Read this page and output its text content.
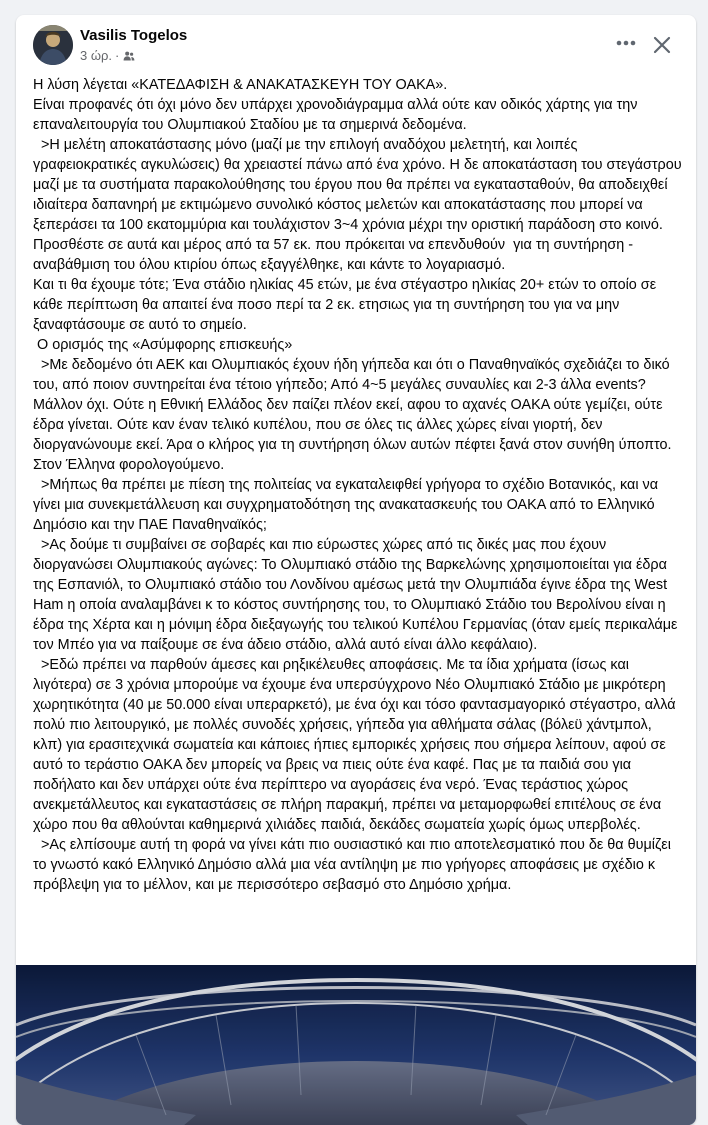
Vasilis Togelos
3 ώρ. ·

Η λύση λέγεται «ΚΑΤΕΔΑΦΙΣΗ & ΑΝΑΚΑΤΑΣΚΕΥΗ ΤΟΥ ΟΑΚΑ».

Είναι προφανές ότι όχι μόνο δεν υπάρχει χρονοδιάγραμμα αλλά ούτε καν οδικός χάρτης για την επαναλειτουργία του Ολυμπιακού Σταδίου με τα σημερινά δεδομένα.

>Η μελέτη αποκατάστασης μόνο (μαζί με την επιλογή αναδόχου μελετητή, και λοιπές γραφειοκρατικές αγκυλώσεις) θα χρειαστεί πάνω από ένα χρόνο. Η δε αποκατάσταση του στεγάστρου μαζί με τα συστήματα παρακολούθησης του έργου που θα πρέπει να εγκατασταθούν, θα αποδειχθεί ιδιαίτερα δαπανηρή με εκτιμώμενο συνολικό κόστος μελετών και αποκατάστασης που μπορεί να ξεπεράσει τα 100 εκατομμύρια και τουλάχιστον 3~4 χρόνια μέχρι την οριστική παράδοση στο κοινό. Προσθέστε σε αυτά και μέρος από τα 57 εκ. που πρόκειται να επενδυθούν  για τη συντήρηση - αναβάθμιση του όλου κτιρίου όπως εξαγγέλθηκε, και κάντε το λογαριασμό.

Και τι θα έχουμε τότε; Ένα στάδιο ηλικίας 45 ετών, με ένα στέγαστρο ηλικίας 20+ ετών το οποίο σε κάθε περίπτωση θα απαιτεί ένα ποσο περί τα 2 εκ. ετησιως για τη συντήρηση του για να μην ξαναφτάσουμε σε αυτό το σημείο.

Ο ορισμός της «Ασύμφορης επισκευής»

>Με δεδομένο ότι ΑΕΚ και Ολυμπιακός έχουν ήδη γήπεδα και ότι ο Παναθηναϊκός σχεδιάζει το δικό του, από ποιον συντηρείται ένα τέτοιο γήπεδο; Από 4~5 μεγάλες συναυλίες και 2-3 άλλα events? Μάλλον όχι. Ούτε η Εθνική Ελλάδος δεν παίζει πλέον εκεί, αφου το αχανές ΟΑΚΑ ούτε γεμίζει, ούτε έδρα γίνεται. Ούτε καν έναν τελικό κυπέλου, που σε όλες τις άλλες χώρες είναι γιορτή, δεν διοργανώνουμε εκεί. Άρα ο κλήρος για τη συντήρηση όλων αυτών πέφτει ξανά στον συνήθη ύποπτο. Στον Έλληνα φορολογούμενο.

>Μήπως θα πρέπει με πίεση της πολιτείας να εγκαταλειφθεί γρήγορα το σχέδιο Βοτανικός, και να γίνει μια συνεκμετάλλευση και συγχρηματοδότηση της ανακατασκευής του ΟΑΚΑ από το Ελληνικό Δημόσιο και την ΠΑΕ Παναθηναϊκός;

>Ας δούμε τι συμβαίνει σε σοβαρές και πιο εύρωστες χώρες από τις δικές μας που έχουν διοργανώσει Ολυμπιακούς αγώνες: Το Ολυμπιακό στάδιο της Βαρκελώνης χρησιμοποιείται για έδρα της Εσπανιόλ, το Ολυμπιακό στάδιο του Λονδίνου αμέσως μετά την Ολυμπιάδα έγινε έδρα της West Ham η οποία αναλαμβάνει κ το κόστος συντήρησης του, το Ολυμπιακό Στάδιο του Βερολίνου είναι η έδρα της Χέρτα και η μόνιμη έδρα διεξαγωγής του τελικού Κυπέλου Γερμανίας (όταν εμείς περικαλάμε τον Μπέο για να παίξουμε σε ένα άδειο στάδιο, αλλά αυτό είναι άλλο κεφάλαιο).

>Εδώ πρέπει να παρθούν άμεσες και ρηξικέλευθες αποφάσεις. Με τα ίδια χρήματα (ίσως και λιγότερα) σε 3 χρόνια μπορούμε να έχουμε ένα υπερσύγχρονο Νέο Ολυμπιακό Στάδιο με μικρότερη χωρητικότητα (40 με 50.000 είναι υπεραρκετό), με ένα όχι και τόσο φαντασμαγορικό στέγαστρο, αλλά πολύ πιο λειτουργικό, με πολλές συνοδές χρήσεις, γήπεδα για αθλήματα σάλας (βόλεϋ χάντμπολ, κλπ) για ερασιτεχνικά σωματεία και κάποιες ήπιες εμπορικές χρήσεις που σήμερα λείπουν, αφού σε αυτό το τεράστιο ΟΑΚΑ δεν μπορείς να βρεις να πιεις ούτε ένα καφέ. Πας με τα παιδιά σου για ποδήλατο και δεν υπάρχει ούτε ένα περίπτερο να αγοράσεις ένα νερό. Ένας τεράστιος χώρος ανεκμετάλλευτος και εγκαταστάσεις σε πλήρη παρακμή, πρέπει να μεταμορφωθεί επιτέλους σε ένα χώρο που θα αθλούνται καθημερινά χιλιάδες παιδιά, δεκάδες σωματεία χωρίς όμως υπερβολές.

>Ας ελπίσουμε αυτή τη φορά να γίνει κάτι πιο ουσιαστικό και πιο αποτελεσματικό που δε θα θυμίζει το γνωστό κακό Ελληνικό Δημόσιο αλλά μια νέα αντίληψη με πιο γρήγορες αποφάσεις με σχέδιο κ πρόβλεψη για το μέλλον, και με περισσότερο σεβασμό στο Δημόσιο χρήμα.
